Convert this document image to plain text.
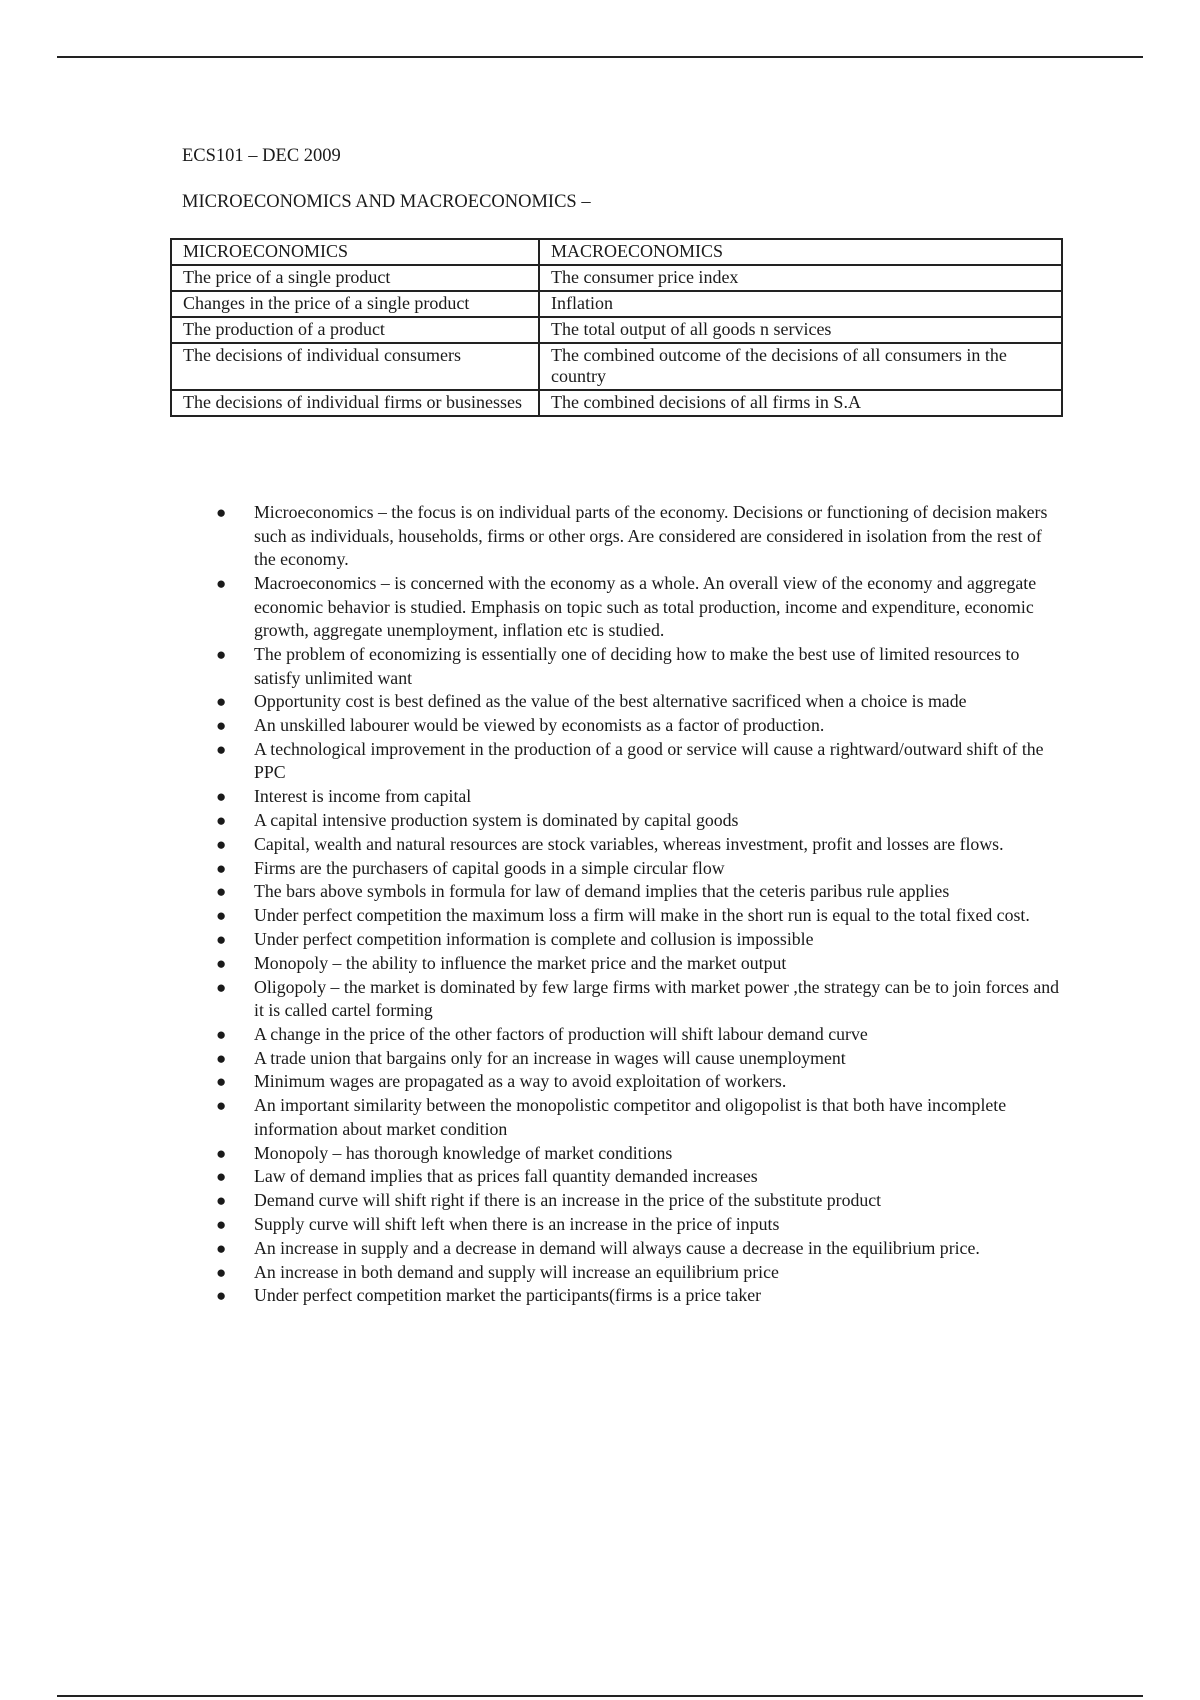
ECS101 – DEC 2009
MICROECONOMICS AND MACROECONOMICS –
MICROECONOMICS	MACROECONOMICS
The price of a single product	The consumer price index
Changes in the price of a single product	Inflation
The production of a product	The total output of all goods n services
The decisions of individual consumers	The combined outcome of the decisions of all consumers in the country
The decisions of individual firms or businesses	The combined decisions of all firms in S.A
● Microeconomics – the focus is on individual parts of the economy. Decisions or functioning of decision makers such as individuals, households, firms or other orgs. Are considered are considered in isolation from the rest of the economy.
● Macroeconomics – is concerned with the economy as a whole. An overall view of the economy and aggregate economic behavior is studied. Emphasis on topic such as total production, income and expenditure, economic growth, aggregate unemployment, inflation etc is studied.
● The problem of economizing is essentially one of deciding how to make the best use of limited resources to satisfy unlimited want
● Opportunity cost is best defined as the value of the best alternative sacrificed when a choice is made
● An unskilled labourer would be viewed by economists as a factor of production.
● A technological improvement in the production of a good or service will cause a rightward/outward shift of the PPC
● Interest is income from capital
● A capital intensive production system is dominated by capital goods
● Capital, wealth and natural resources are stock variables, whereas investment, profit and losses are flows.
● Firms are the purchasers of capital goods in a simple circular flow
● The bars above symbols in formula for law of demand implies that the ceteris paribus rule applies
● Under perfect competition the maximum loss a firm will make in the short run is equal to the total fixed cost.
● Under perfect competition information is complete and collusion is impossible
● Monopoly – the ability to influence the market price and the market output
● Oligopoly – the market is dominated by few large firms with market power ,the strategy can be to join forces and it is called cartel forming
● A change in the price of the other factors of production will shift labour demand curve
● A trade union that bargains only for an increase in wages will cause unemployment
● Minimum wages are propagated as a way to avoid exploitation of workers.
● An important similarity between the monopolistic competitor and oligopolist is that both have incomplete information about market condition
● Monopoly – has thorough knowledge of market conditions
● Law of demand implies that as prices fall quantity demanded increases
● Demand curve will shift right if there is an increase in the price of the substitute product
● Supply curve will shift left when there is an increase in the price of inputs
● An increase in supply and a decrease in demand will always cause a decrease in the equilibrium price.
● An increase in both demand and supply will increase an equilibrium price
● Under perfect competition market the participants(firms is a price taker
